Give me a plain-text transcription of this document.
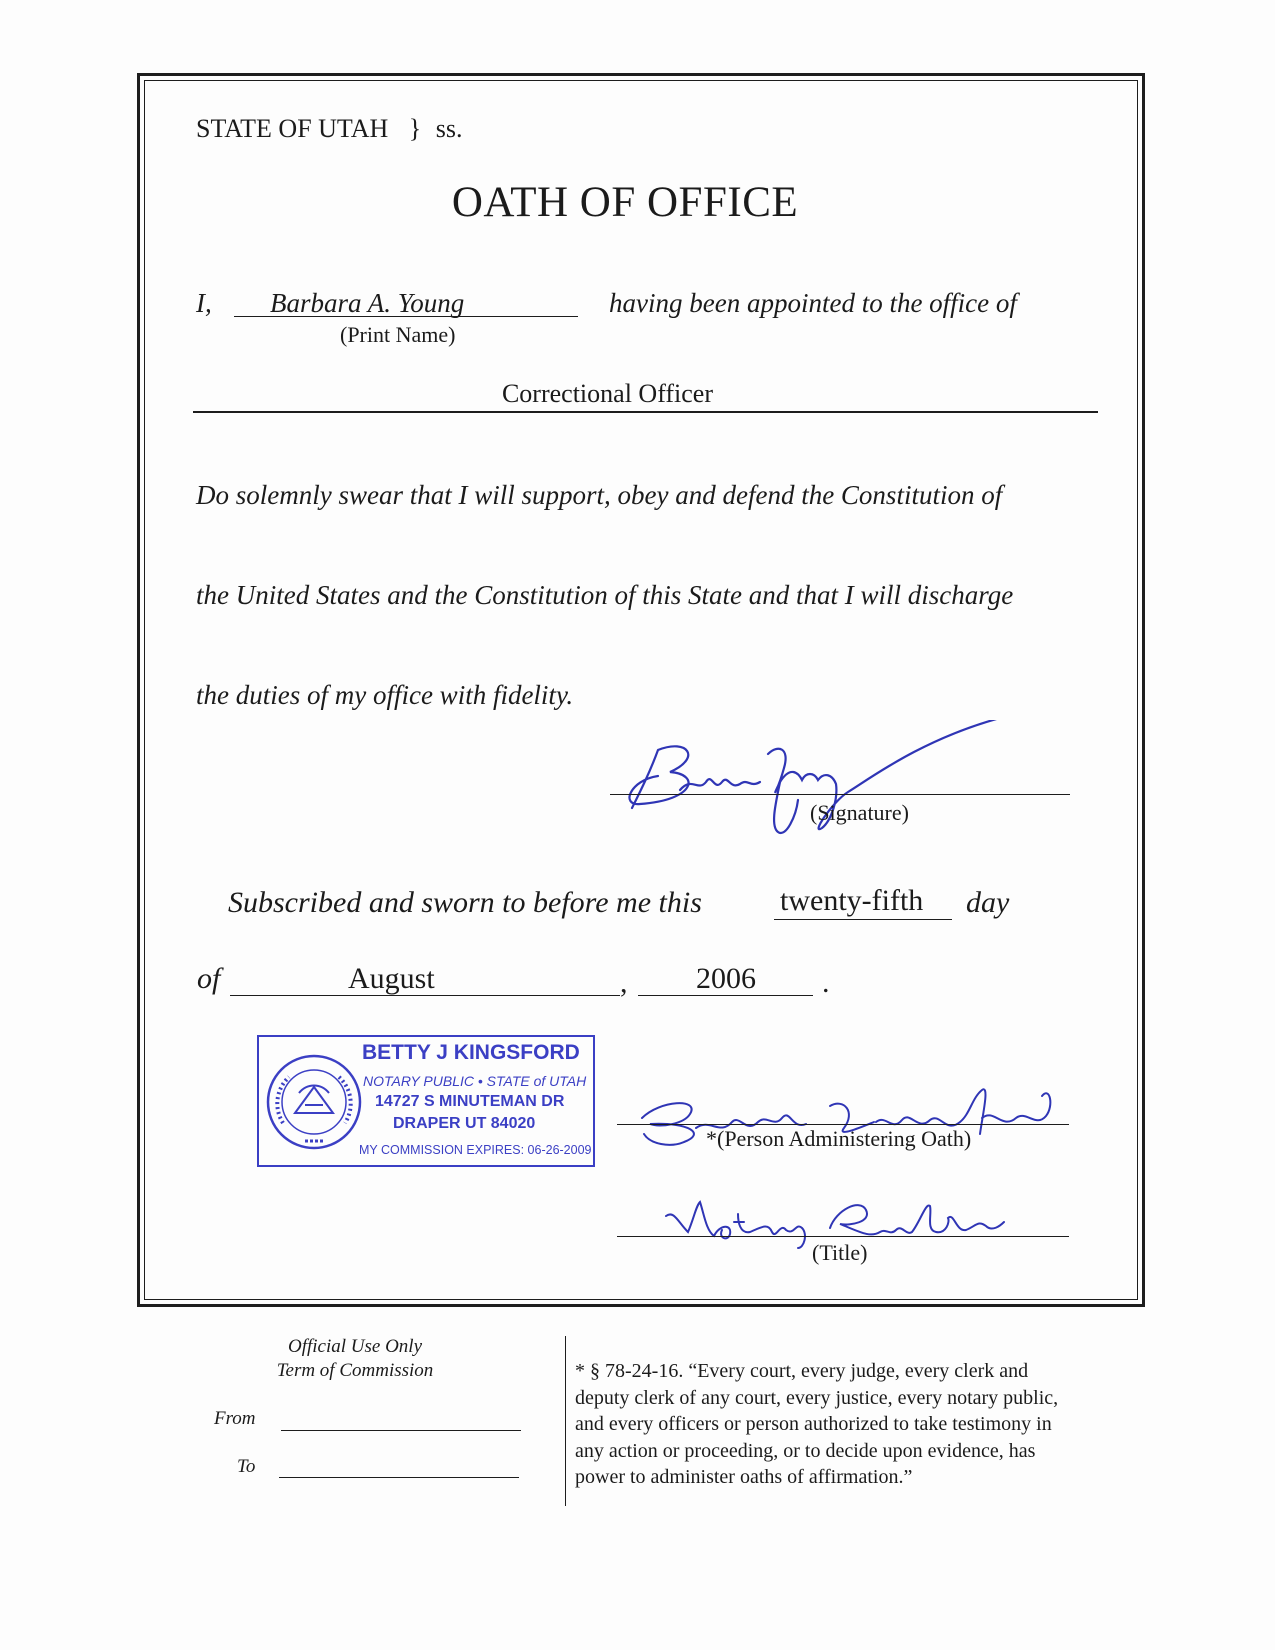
STATE OF UTAH } ss.
OATH OF OFFICE
I, Barbara A. Young
(Print Name)
having been appointed to the office of
Correctional Officer
Do solemnly swear that I will support, obey and defend the Constitution of
the United States and the Constitution of this State and that I will discharge
the duties of my office with fidelity.
(Signature)
Subscribed and sworn to before me this	twenty-fifth day
of	August	, 2006 .
BETTY J KINGSFORD
NOTARY PUBLIC • STATE of UTAH
14727 S MINUTEMAN DR
DRAPER UT 84020
MY COMMISSION EXPIRES: 06-26-2009	*(Person Administering Oath)
(Title)
Official Use Only
Term of Commission
From
To
* § 78-24-16. “Every court, every judge, every clerk and
deputy clerk of any court, every justice, every notary public,
and every officers or person authorized to take testimony in
any action or proceeding, or to decide upon evidence, has
power to administer oaths of affirmation.”
